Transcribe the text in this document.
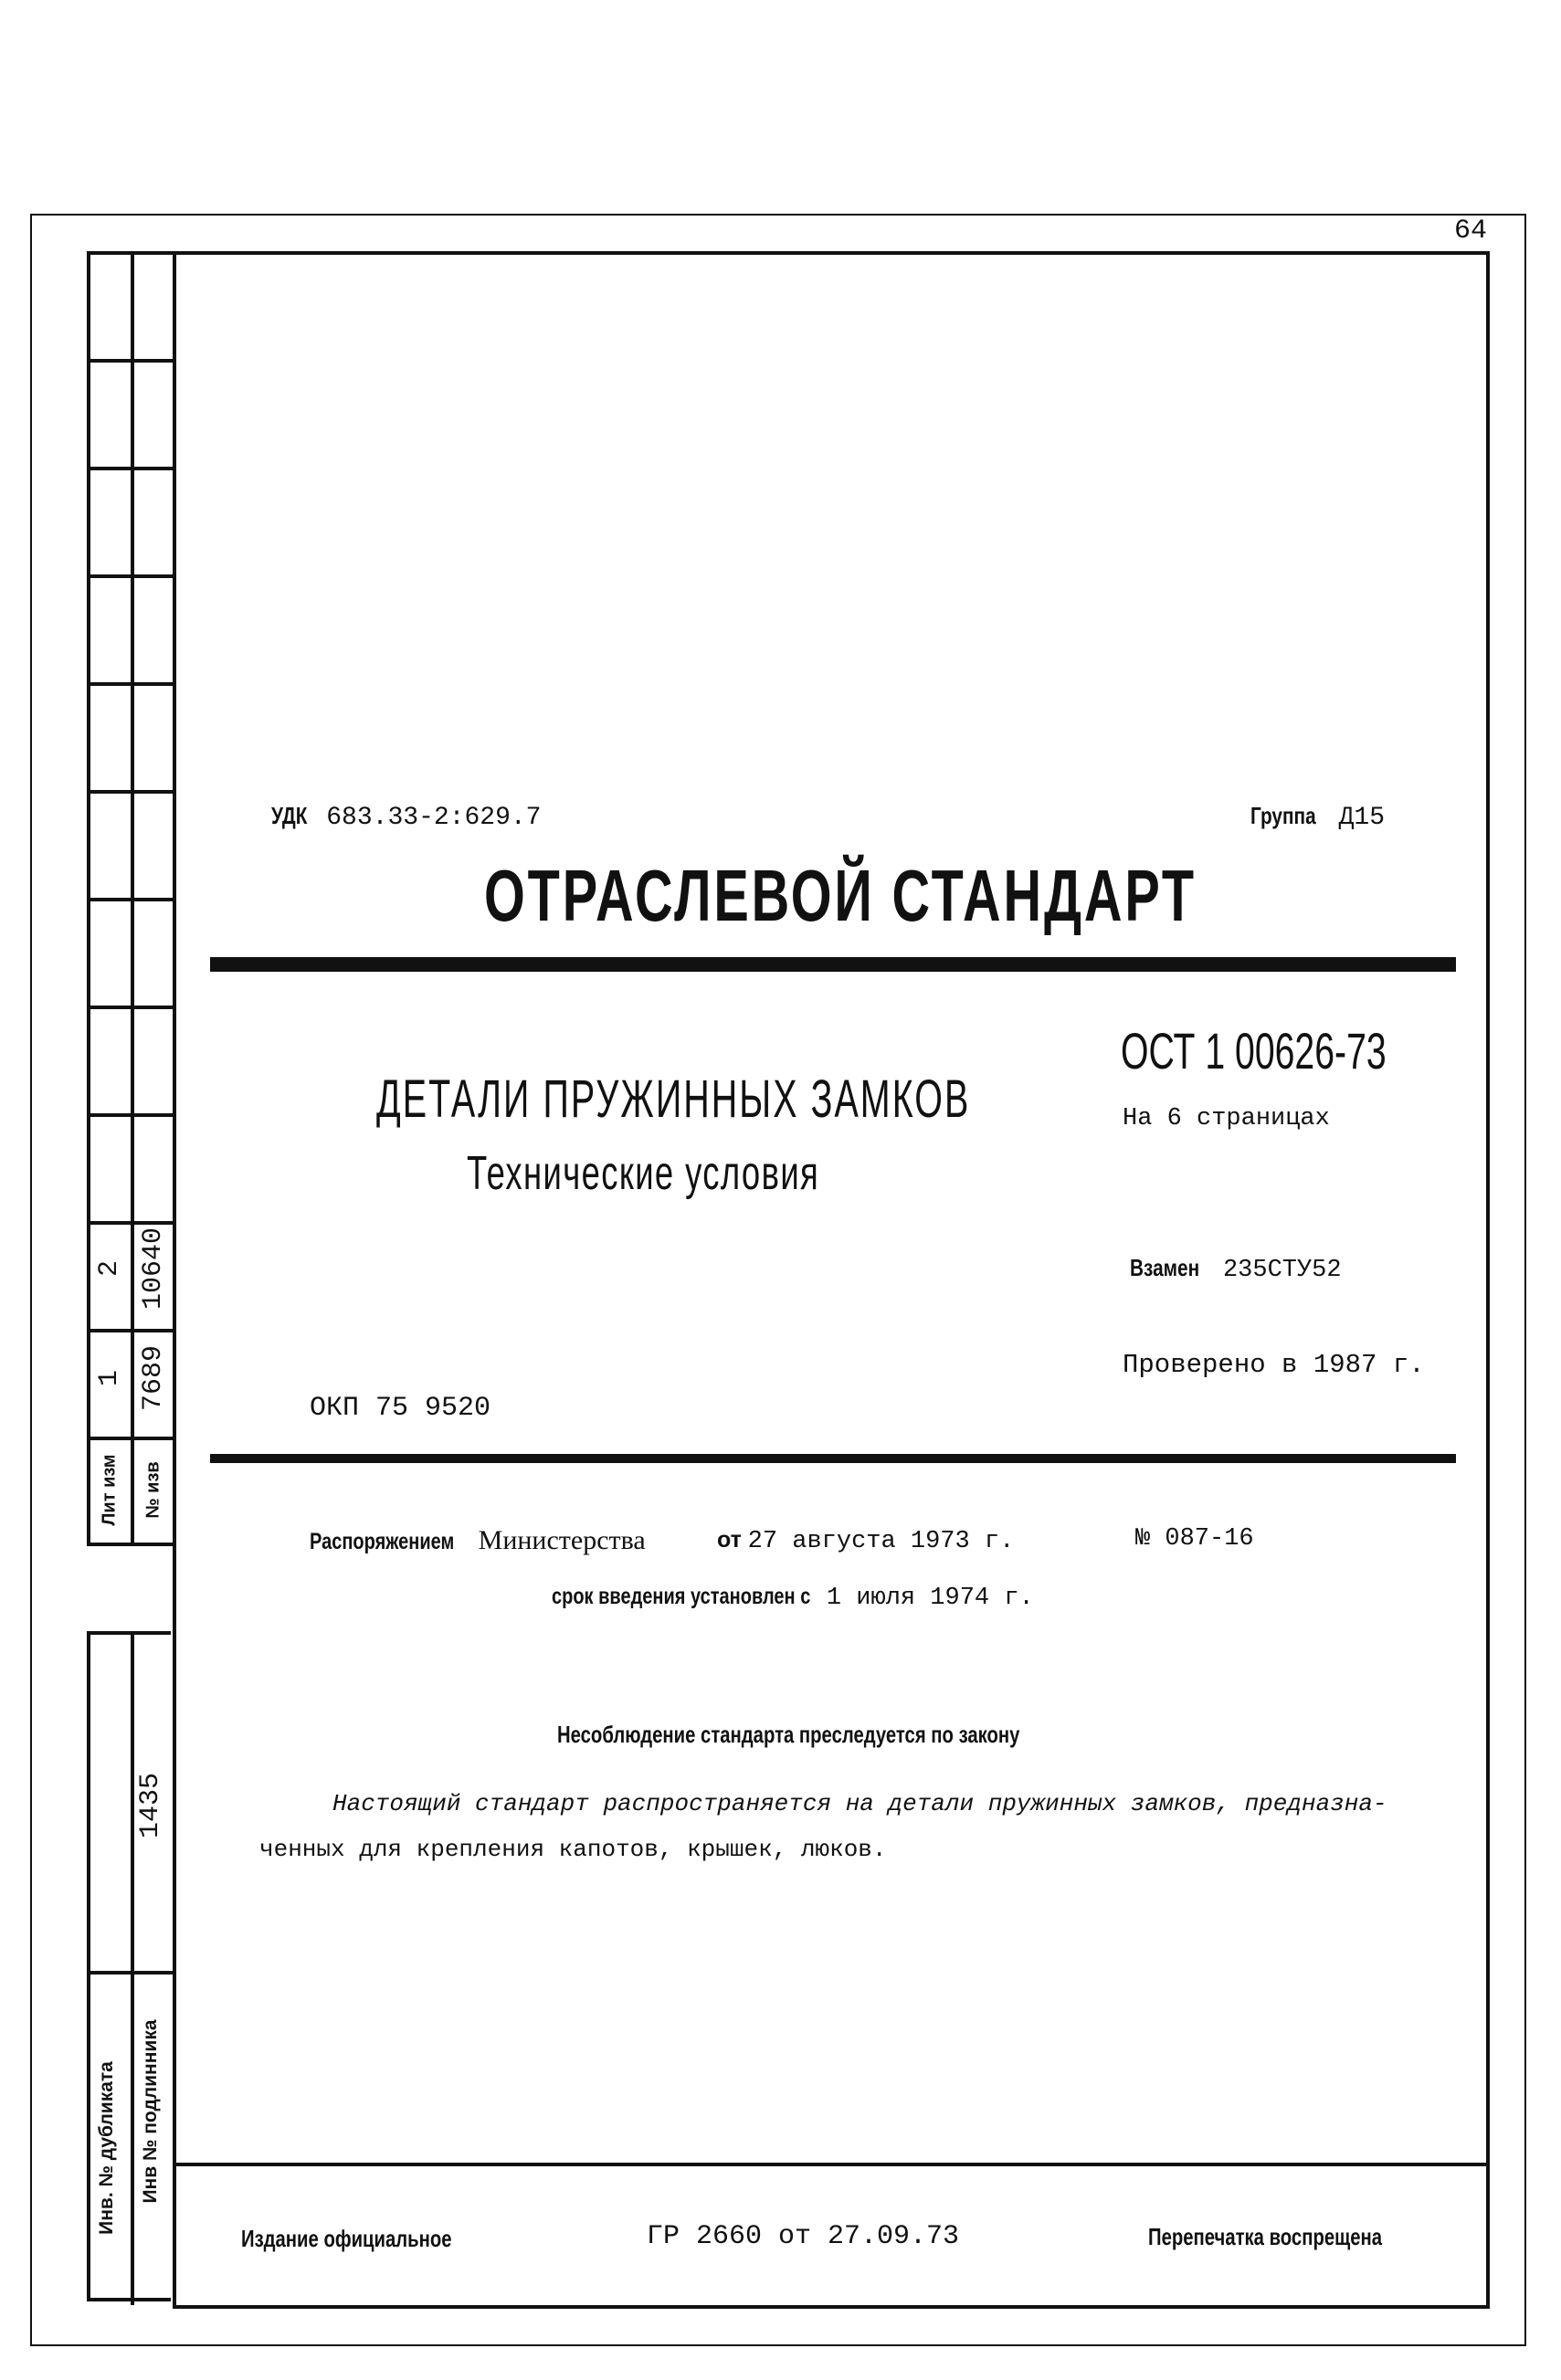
64
1 7689
2 10640
Лит изм № изв
1435
Инв. № дубликата Инв № подлинника
УДК 683.33-2:629.7	Группа Д15
ОТРАСЛЕВОЙ СТАНДАРТ
ОСТ 1 00626-73
На 6 страницах
ДЕТАЛИ ПРУЖИННЫХ ЗАМКОВ
Технические условия
Взамен 235СТУ52
Проверено в 1987 г.
ОКП 75 9520
Распоряжением Министерства	от 27 августа 1973 г.	№ 087-16
срок введения установлен с 1 июля 1974 г.
Несоблюдение стандарта преследуется по закону
Настоящий стандарт распространяется на детали пружинных замков, предназна-
ченных для крепления капотов, крышек, люков.
Издание официальное	ГР 2660 от 27.09.73	Перепечатка воспрещена
